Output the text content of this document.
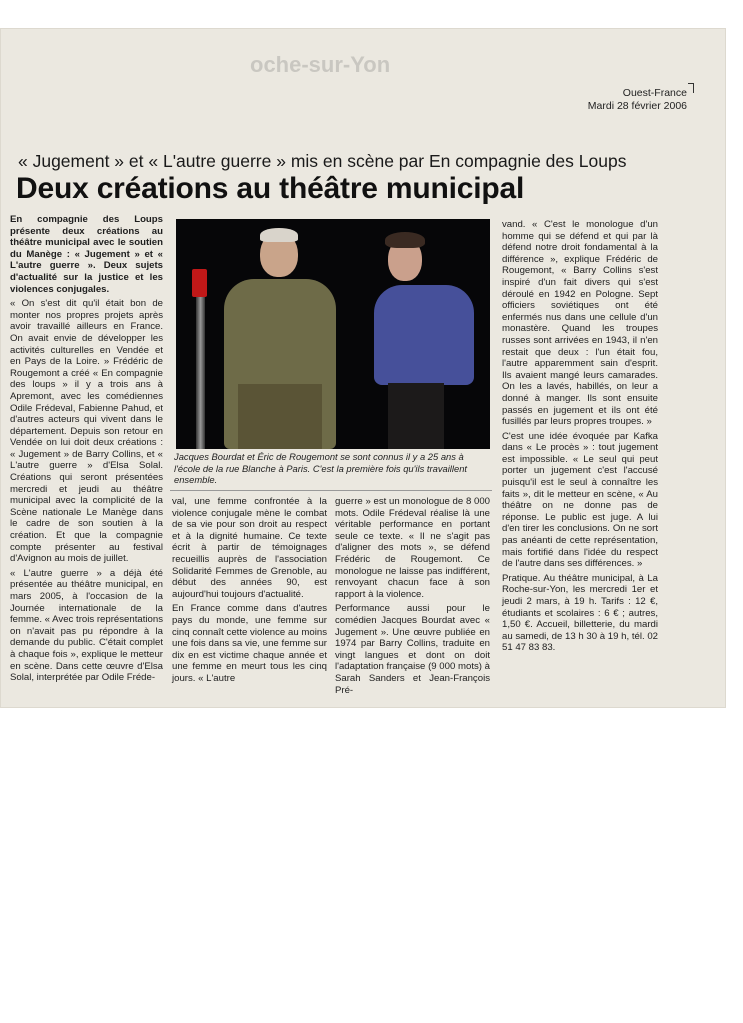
oche-sur-Yon
Ouest-France
Mardi 28 février 2006
« Jugement » et « L'autre guerre » mis en scène par En compagnie des Loups
Deux créations au théâtre municipal

En compagnie des Loups présente deux créations au théâtre municipal avec le soutien du Manège : « Jugement » et « L'autre guerre ». Deux sujets d'actualité sur la justice et les violences conjugales.

« On s'est dit qu'il était bon de monter nos propres projets après avoir travaillé ailleurs en France. On avait envie de développer les activités culturelles en Vendée et en Pays de la Loire. » Frédéric de Rougemont a créé « En compagnie des loups » il y a trois ans à Apremont, avec les comédiennes Odile Frédeval, Fabienne Pahud, et d'autres acteurs qui vivent dans le département. Depuis son retour en Vendée on lui doit deux créations : « Jugement » de Barry Collins, et « L'autre guerre » d'Elsa Solal. Créations qui seront présentées mercredi et jeudi au théâtre municipal avec la complicité de la Scène nationale Le Manège dans le cadre de son soutien à la création. Et que la compagnie compte présenter au festival d'Avignon au mois de juillet.

« L'autre guerre » a déjà été présentée au théâtre municipal, en mars 2005, à l'occasion de la Journée internationale de la femme. « Avec trois représentations on n'avait pas pu répondre à la demande du public. C'était complet à chaque fois », explique le metteur en scène. Dans cette œuvre d'Elsa Solal, interprétée par Odile Fréde-

Jacques Bourdat et Éric de Rougemont se sont connus il y a 25 ans à l'école de la rue Blanche à Paris. C'est la première fois qu'ils travaillent ensemble.

val, une femme confrontée à la violence conjugale mène le combat de sa vie pour son droit au respect et à la dignité humaine. Ce texte écrit à partir de témoignages recueillis auprès de l'association Solidarité Femmes de Grenoble, au début des années 90, est aujourd'hui toujours d'actualité.

En France comme dans d'autres pays du monde, une femme sur cinq connaît cette violence au moins une fois dans sa vie, une femme sur dix en est victime chaque année et une femme en meurt tous les cinq jours. « L'autre

guerre » est un monologue de 8 000 mots. Odile Frédeval réalise là une véritable performance en portant seule ce texte. « Il ne s'agit pas d'aligner des mots », se défend Frédéric de Rougemont. Ce monologue ne laisse pas indifférent, renvoyant chacun face à son rapport à la violence.

Performance aussi pour le comédien Jacques Bourdat avec « Jugement ». Une œuvre publiée en 1974 par Barry Collins, traduite en vingt langues et dont on doit l'adaptation française (9 000 mots) à Sarah Sanders et Jean-François Pré-

vand. « C'est le monologue d'un homme qui se défend et qui par là défend notre droit fondamental à la différence », explique Frédéric de Rougemont, « Barry Collins s'est inspiré d'un fait divers qui s'est déroulé en 1942 en Pologne. Sept officiers soviétiques ont été enfermés nus dans une cellule d'un monastère. Quand les troupes russes sont arrivées en 1943, il n'en restait que deux : l'un était fou, l'autre apparemment sain d'esprit. Ils avaient mangé leurs camarades. On les a lavés, habillés, on leur a donné à manger. Ils sont ensuite passés en jugement et ils ont été fusillés par leurs propres troupes. »

C'est une idée évoquée par Kafka dans « Le procès » : tout jugement est impossible. « Le seul qui peut porter un jugement c'est l'accusé puisqu'il est le seul à connaître les faits », dit le metteur en scène, « Au théâtre on ne donne pas de réponse. Le public est juge. A lui d'en tirer les conclusions. On ne sort pas anéanti de cette représentation, mais fortifié dans l'idée du respect de l'autre dans ses différences. »

Pratique. Au théâtre municipal, à La Roche-sur-Yon, les mercredi 1er et jeudi 2 mars, à 19 h. Tarifs : 12 €, étudiants et scolaires : 6 € ; autres, 1,50 €. Accueil, billetterie, du mardi au samedi, de 13 h 30 à 19 h, tél. 02 51 47 83 83.
